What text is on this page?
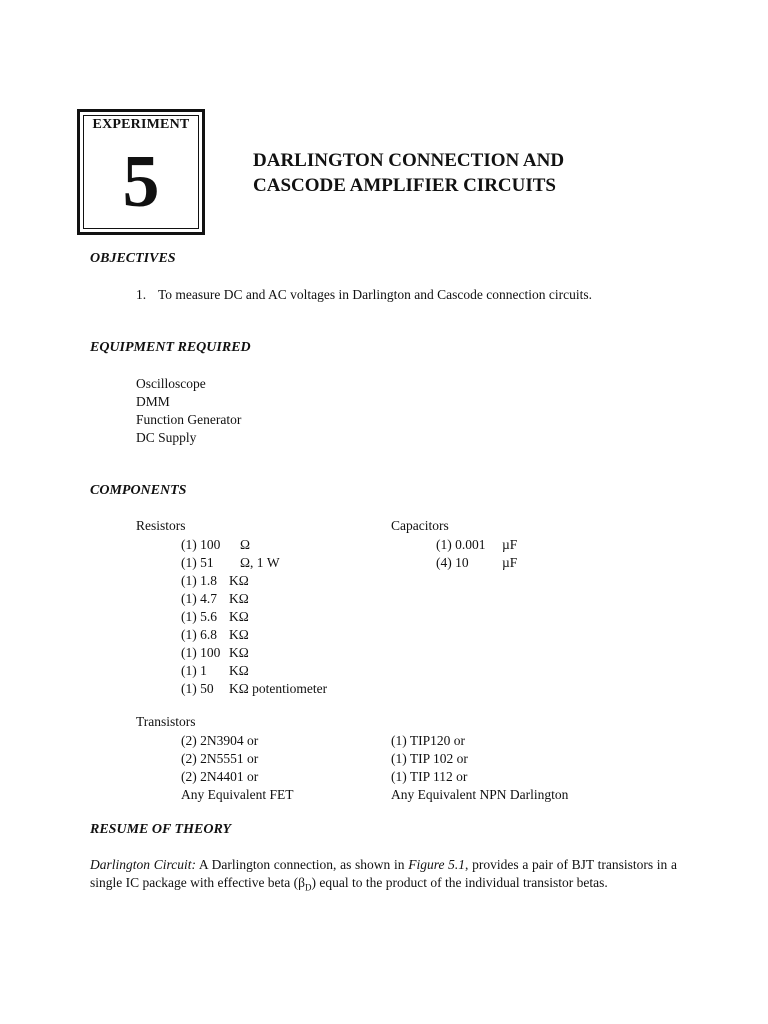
EXPERIMENT
5	DARLINGTON CONNECTION AND
CASCODE AMPLIFIER CIRCUITS
OBJECTIVES
1. To measure DC and AC voltages in Darlington and Cascode connection circuits.
EQUIPMENT REQUIRED
Oscilloscope
DMM
Function Generator
DC Supply
COMPONENTS
Resistors
(1) 100
(1) 51
(1) 1.8
(1) 4.7
(1) 5.6
(1) 6.8
(1) 100
(1) 1
(1) 50
Ω
Ω, 1 W
KΩ
KΩ
KΩ
KΩ
KΩ
KΩ
KΩ potentiometer
Capacitors
(1) 0.001
(4) 10
µF
µF
Transistors
(2) 2N3904 or
(2) 2N5551 or
(2) 2N4401 or
Any Equivalent FET
(1) TIP120 or
(1) TIP 102 or
(1) TIP 112 or
Any Equivalent NPN Darlington
RESUME OF THEORY
Darlington Circuit: A Darlington connection, as shown in Figure 5.1, provides a pair of BJT transistors in a single IC package with effective beta $(\beta_D)$ equal to the product of the individual transistor betas.
